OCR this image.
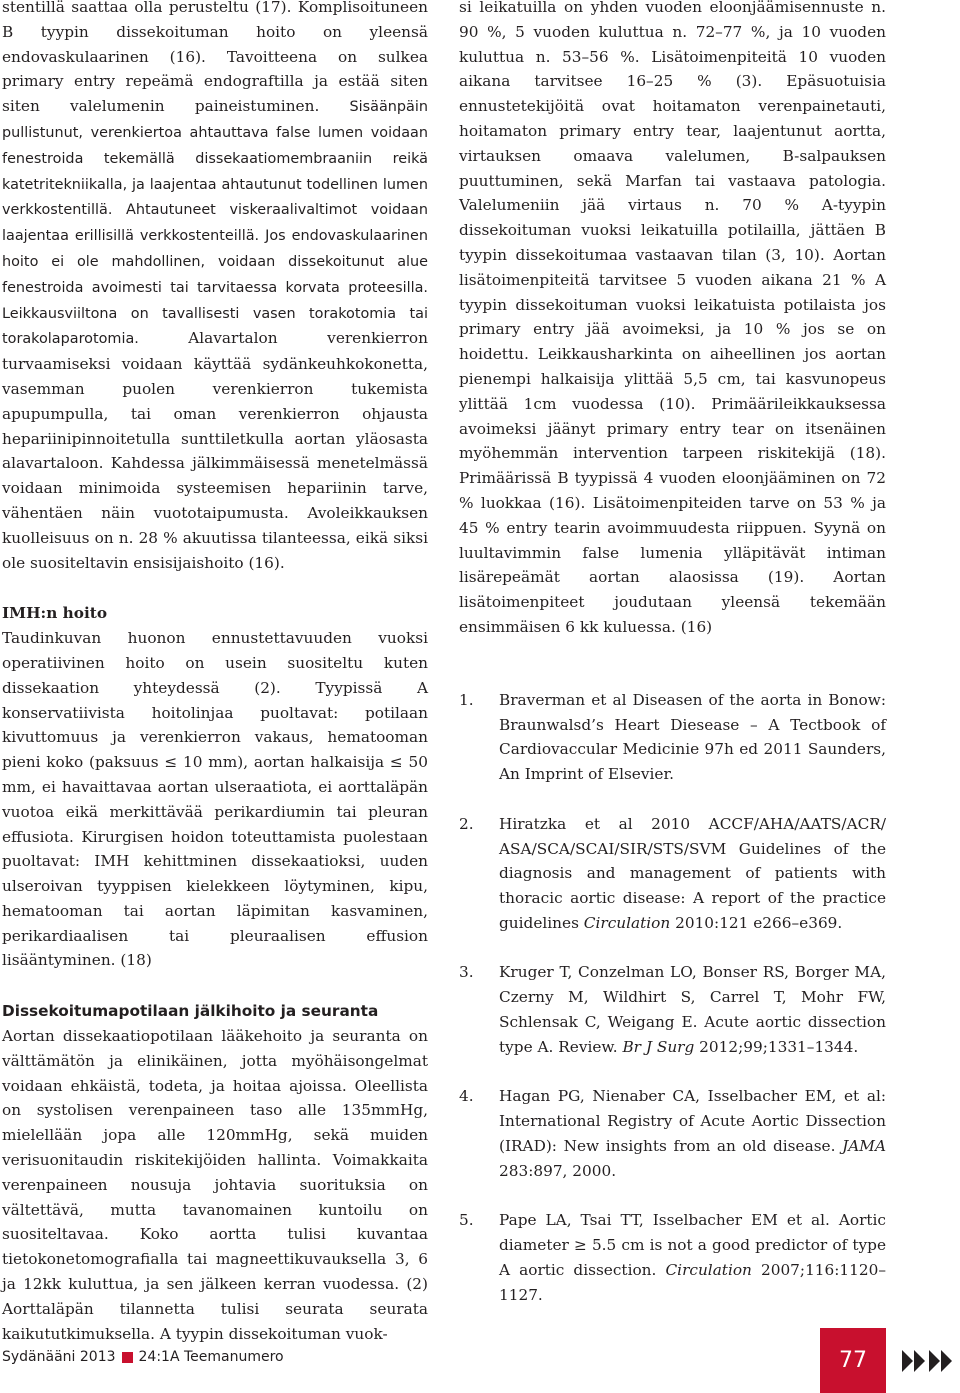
stentillä saattaa olla perusteltu (17). Komplisoituneen B tyypin dissekoituman hoito on yleensä endovaskulaarinen (16). Tavoitteena on sulkea primary entry repeämä endograftilla ja estää siten siten valelumenin paineistuminen. Sisäänpäin pullistunut, verenkiertoa ahtauttava false lumen voidaan fenestroida tekemällä dissekaatiomembraaniin reikä katetritekniikalla, ja laajentaa ahtautunut todellinen lumen verkkostentillä. Ahtautuneet viskeraalivaltimot voidaan laajentaa erillisillä verkkostenteillä. Jos endovaskulaarinen hoito ei ole mahdollinen, voidaan dissekoitunut alue fenestroida avoimesti tai tarvitaessa korvata proteesilla. Leikkausviiltona on tavallisesti vasen torakotomia tai torakolaparotomia. Alavartalon verenkierron turvaamiseksi voidaan käyttää sydänkeuhkokonetta, vasemman puolen verenkierron tukemista apupumpulla, tai oman verenkierron ohjausta hepariinipinnoitetulla sunttiletkulla aortan yläosasta alavartaloon. Kahdessa jälkimmäisessä menetelmässä voidaan minimoida systeemisen hepariinin tarve, vähentäen näin vuototaipumusta. Avoleikkauksen kuolleisuus on n. 28 % akuutissa tilanteessa, eikä siksi ole suositeltavin ensisijaishoito (16).

IMH:n hoito

Taudinkuvan huonon ennustettavuuden vuoksi operatiivinen hoito on usein suositeltu kuten dissekaation yhteydessä (2). Tyypissä A konservatiivista hoitolinjaa puoltavat: potilaan kivuttomuus ja verenkierron vakaus, hematooman pieni koko (paksuus ≤ 10 mm), aortan halkaisija ≤ 50 mm, ei havaittavaa aortan ulseraatiota, ei aorttaläpän vuotoa eikä merkittävää perikardiumin tai pleuran effusiota. Kirurgisen hoidon toteuttamista puolestaan puoltavat: IMH kehittminen dissekaatioksi, uuden ulseroivan tyyppisen kielekkeen löytyminen, kipu, hematooman tai aortan läpimitan kasvaminen, perikardiaalisen tai pleuraalisen effusion lisääntyminen. (18)

Dissekoitumapotilaan jälkihoito ja seuranta

Aortan dissekaatiopotilaan lääkehoito ja seuranta on välttämätön ja elinikäinen, jotta myöhäisongelmat voidaan ehkäistä, todeta, ja hoitaa ajoissa. Oleellista on systolisen verenpaineen taso alle 135mmHg, mielellään jopa alle 120mmHg, sekä muiden verisuonitaudin riskitekijöiden hallinta. Voimakkaita verenpaineen nousuja johtavia suorituksia on vältettävä, mutta tavanomainen kuntoilu on suositeltavaa. Koko aortta tulisi kuvantaa tietokonetomografialla tai magneettikuvauksella 3, 6 ja 12kk kuluttua, ja sen jälkeen kerran vuodessa. (2) Aorttaläpän tilannetta tulisi seurata seurata kaikututkimuksella. A tyypin dissekoituman vuok-

si leikatuilla on yhden vuoden eloonjäämisennuste n. 90 %, 5 vuoden kuluttua n. 72–77 %, ja 10 vuoden kuluttua n. 53–56 %. Lisätoimenpiteitä 10 vuoden aikana tarvitsee 16–25 % (3). Epäsuotuisia ennustetekijöitä ovat hoitamaton verenpainetauti, hoitamaton primary entry tear, laajentunut aortta, virtauksen omaava valelumen, B-salpauksen puuttuminen, sekä Marfan tai vastaava patologia. Valelumeniin jää virtaus n. 70 % A-tyypin dissekoituman vuoksi leikatuilla potilailla, jättäen B tyypin dissekoitumaa vastaavan tilan (3, 10). Aortan lisätoimenpiteitä tarvitsee 5 vuoden aikana 21 % A tyypin dissekoituman vuoksi leikatuista potilaista jos primary entry jää avoimeksi, ja 10 % jos se on hoidettu. Leikkausharkinta on aiheellinen jos aortan pienempi halkaisija ylittää 5,5 cm, tai kasvunopeus ylittää 1cm vuodessa (10). Primäärileikkauksessa avoimeksi jäänyt primary entry tear on itsenäinen myöhemmän intervention tarpeen riskitekijä (18). Primäärissä B tyypissä 4 vuoden eloonjääminen on 72 % luokkaa (16). Lisätoimenpiteiden tarve on 53 % ja 45 % entry tearin avoimmuudesta riippuen. Syynä on luultavimmin false lumenia ylläpitävät intiman lisärepeämät aortan alaosissa (19). Aortan lisätoimenpiteet joudutaan yleensä tekemään ensimmäisen 6 kk kuluessa. (16)

1.	Braverman et al Diseasen of the aorta in Bonow: Braunwalsd’s Heart Diesease – A Tectbook of Cardiovaccular Medicinie 97h ed 2011 Saunders, An Imprint of Elsevier.
2.	Hiratzka et al 2010 ACCF/AHA/AATS/ACR/ ASA/SCA/SCAI/SIR/STS/SVM Guidelines of the diagnosis and management of patients with thoracic aortic disease: A report of the practice guidelines Circulation 2010:121 e266–e369.
3.	Kruger T, Conzelman LO, Bonser RS, Borger MA, Czerny M, Wildhirt S, Carrel T, Mohr FW, Schlensak C, Weigang E. Acute aortic dissection type A. Review. Br J Surg 2012;99;1331–1344.
4.	Hagan PG, Nienaber CA, Isselbacher EM, et al: International Registry of Acute Aortic Dissection (IRAD): New insights from an old disease. JAMA 283:897, 2000.
5.	Pape LA, Tsai TT, Isselbacher EM et al. Aortic diameter ≥ 5.5 cm is not a good predictor of type A aortic dissection. Circulation 2007;116:1120–1127.
Sydänääni 2013 24:1A Teemanumero	77
